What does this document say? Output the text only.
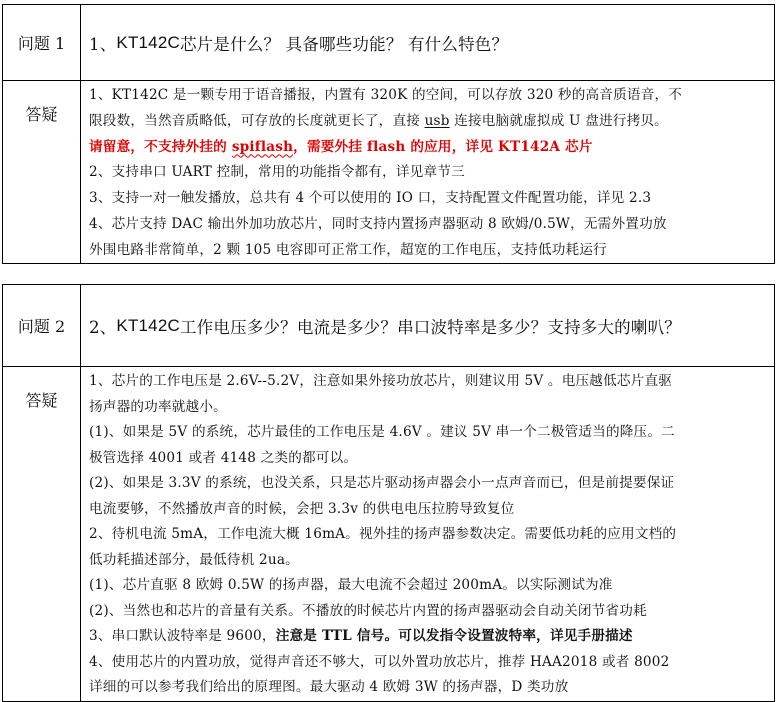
问题 1	1、 KT142C 芯片是什么？ 具备哪些功能？ 有什么特色？
答疑
1、KT142C 是一颗专用于语音播报，内置有 320K 的空间，可以存放 320 秒的高音质语音，不
限段数，当然音质略低，可存放的长度就更长了，直接 usb 连接电脑就虚拟成 U 盘进行拷贝。
请留意，不支持外挂的 spiflash，需要外挂 flash 的应用，详见 KT142A 芯片
2、支持串口 UART 控制，常用的功能指令都有，详见章节三
3、支持一对一触发播放，总共有 4 个可以使用的 IO 口，支持配置文件配置功能，详见 2.3
4、芯片支持 DAC 输出外加功放芯片，同时支持内置扬声器驱动 8 欧姆/0.5W，无需外置功放
外围电路非常简单，2 颗 105 电容即可正常工作，超宽的工作电压，支持低功耗运行
问题 2	2、 KT142C 工作电压多少？电流是多少？串口波特率是多少？支持多大的喇叭？
答疑
1、芯片的工作电压是 2.6V--5.2V，注意如果外接功放芯片，则建议用 5V 。电压越低芯片直驱
扬声器的功率就越小。
(1)、如果是 5V 的系统，芯片最佳的工作电压是 4.6V 。建议 5V 串一个二极管适当的降压。二
极管选择 4001 或者 4148 之类的都可以。
(2)、如果是 3.3V 的系统，也没关系，只是芯片驱动扬声器会小一点声音而已，但是前提要保证
电流要够，不然播放声音的时候，会把 3.3v 的供电电压拉胯导致复位
2、待机电流 5mA，工作电流大概 16mA。视外挂的扬声器参数决定。需要低功耗的应用文档的
低功耗描述部分，最低待机 2ua。
(1)、芯片直驱 8 欧姆 0.5W 的扬声器，最大电流不会超过 200mA。以实际测试为准
(2)、当然也和芯片的音量有关系。不播放的时候芯片内置的扬声器驱动会自动关闭节省功耗
3、串口默认波特率是 9600，注意是 TTL 信号。可以发指令设置波特率，详见手册描述
4、使用芯片的内置功放，觉得声音还不够大，可以外置功放芯片，推荐 HAA2018 或者 8002
详细的可以参考我们给出的原理图。最大驱动 4 欧姆 3W 的扬声器，D 类功放
